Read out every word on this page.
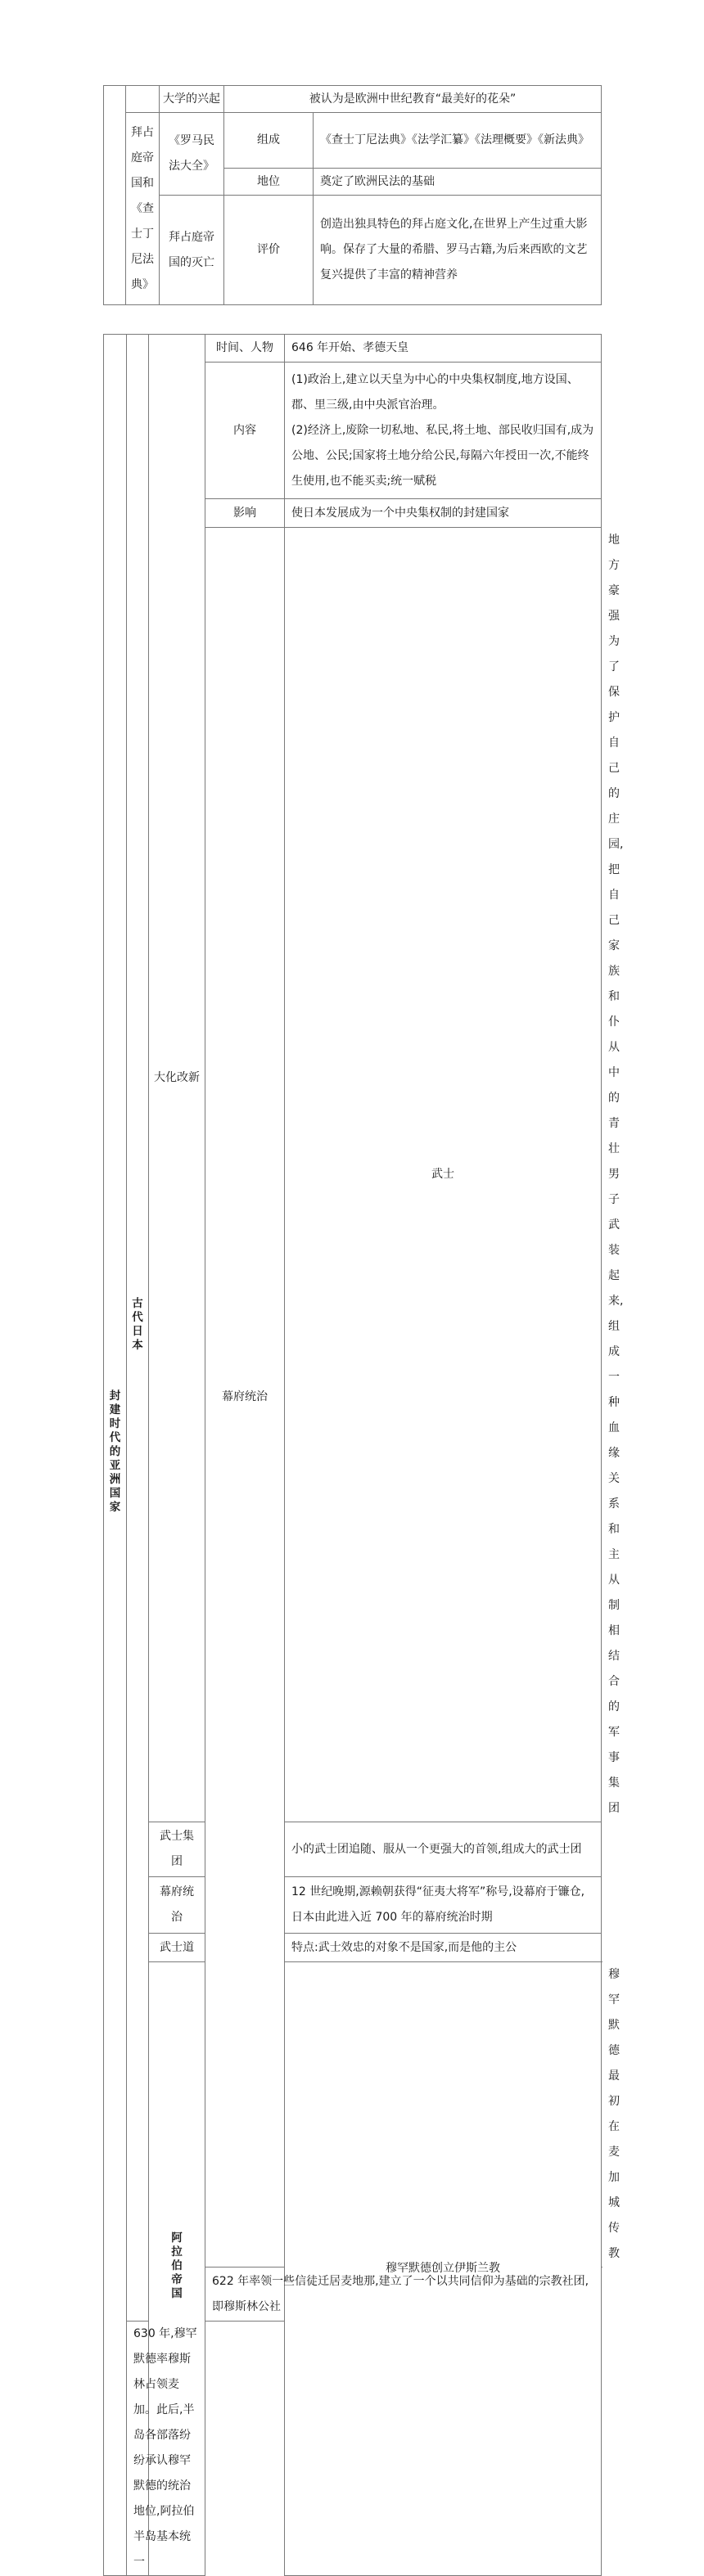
		大学的兴起	被认为是欧洲中世纪教育“最美好的花朵”	
	拜占庭帝国和《查士丁尼法典》	《罗马民法大全》	组成	《查士丁尼法典》《法学汇纂》《法理概要》《新法典》
			地位	奠定了欧洲民法的基础
		拜占庭帝国的灭亡	评价	创造出独具特色的拜占庭文化,在世界上产生过重大影响。保存了大量的希腊、罗马古籍,为后来西欧的文艺复兴提供了丰富的精神营养
封建时代的亚洲国家	古代日本	大化改新	时间、人物	646 年开始、孝德天皇	
			内容	(1)政治上,建立以天皇为中心的中央集权制度,地方设国、郡、里三级,由中央派官治理。
(2)经济上,废除一切私地、私民,将土地、部民收归国有,成为公地、公民;国家将土地分给公民,每隔六年授田一次,不能终生使用,也不能买卖;统一赋税	

			影响	使日本发展成为一个中央集权制的封建国家	
			幕府统治	武士	地方豪强为了保护自己的庄园,把自己家族和仆从中的青壮男子武装起来,组成一种血缘关系和主从制相结合的军事集团
		武士集团		小的武士团追随、服从一个更强大的首领,组成大的武士团	
		幕府统治		12 世纪晚期,源赖朝获得“征夷大将军”称号,设幕府于镰仓,日本由此进入近 700 年的幕府统治时期	
		武士道		特点:武士效忠的对象不是国家,而是他的主公	
		阿拉伯帝国		穆罕默德创立伊斯兰教	穆罕默德最初在麦加城传教
			622 年率领一些信徒迁居麦地那,建立了一个以共同信仰为基础的宗教社团,即穆斯林公社		
	630 年,穆罕默德率穆斯林占领麦加。此后,半岛各部落纷纷承认穆罕默德的统治地位,阿拉伯半岛基本统一				
